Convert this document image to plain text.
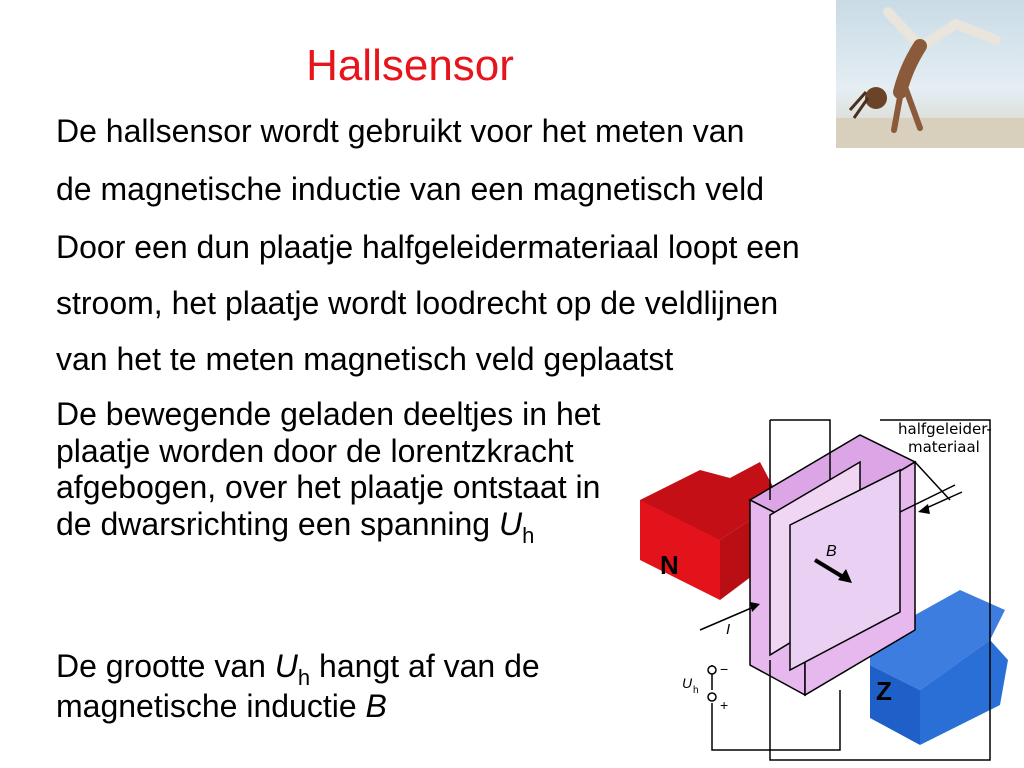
Hallsensor
De hallsensor wordt gebruikt voor het meten van
de magnetische inductie van een magnetisch veld
Door een dun plaatje halfgeleidermateriaal loopt een
stroom, het plaatje wordt loodrecht op de veldlijnen
van het te meten magnetisch veld geplaatst
De bewegende geladen deeltjes in het plaatje worden door de lorentzkracht afgebogen, over het plaatje ontstaat in de dwarsrichting een spanning $U_h$
De grootte van $U_h$ hangt af van de magnetische inductie B
N
Z
B
I
−
+
U h
halfgeleider-
materiaal
